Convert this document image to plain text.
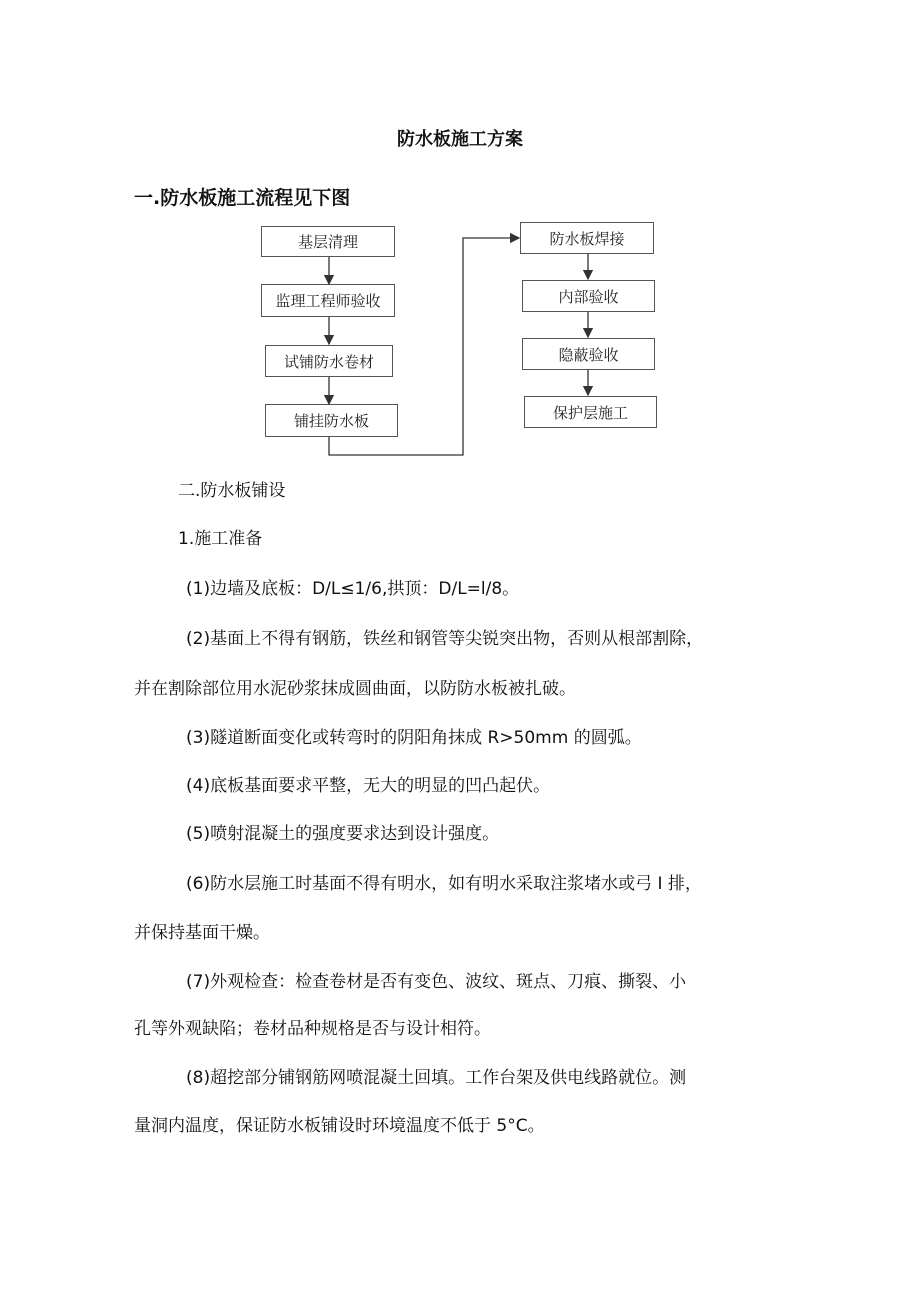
防水板施工方案
一.防水板施工流程见下图
基层清理
监理工程师验收
试铺防水卷材
铺挂防水板
防水板焊接
内部验收
隐蔽验收
保护层施工
二.防水板铺设
1.施工准备
(1)边墙及底板：D/L≤1/6,拱顶：D/L=l/8。
(2)基面上不得有钢筋，铁丝和钢管等尖锐突出物，否则从根部割除，
并在割除部位用水泥砂浆抹成圆曲面，以防防水板被扎破。
(3)隧道断面变化或转弯时的阴阳角抹成 R>50mm 的圆弧。
(4)底板基面要求平整，无大的明显的凹凸起伏。
(5)喷射混凝土的强度要求达到设计强度。
(6)防水层施工时基面不得有明水，如有明水采取注浆堵水或弓 I 排，
并保持基面干燥。
(7)外观检查：检查卷材是否有变色、波纹、斑点、刀痕、撕裂、小
孔等外观缺陷；卷材品种规格是否与设计相符。
(8)超挖部分铺钢筋网喷混凝土回填。工作台架及供电线路就位。测
量洞内温度，保证防水板铺设时环境温度不低于 5°C。
